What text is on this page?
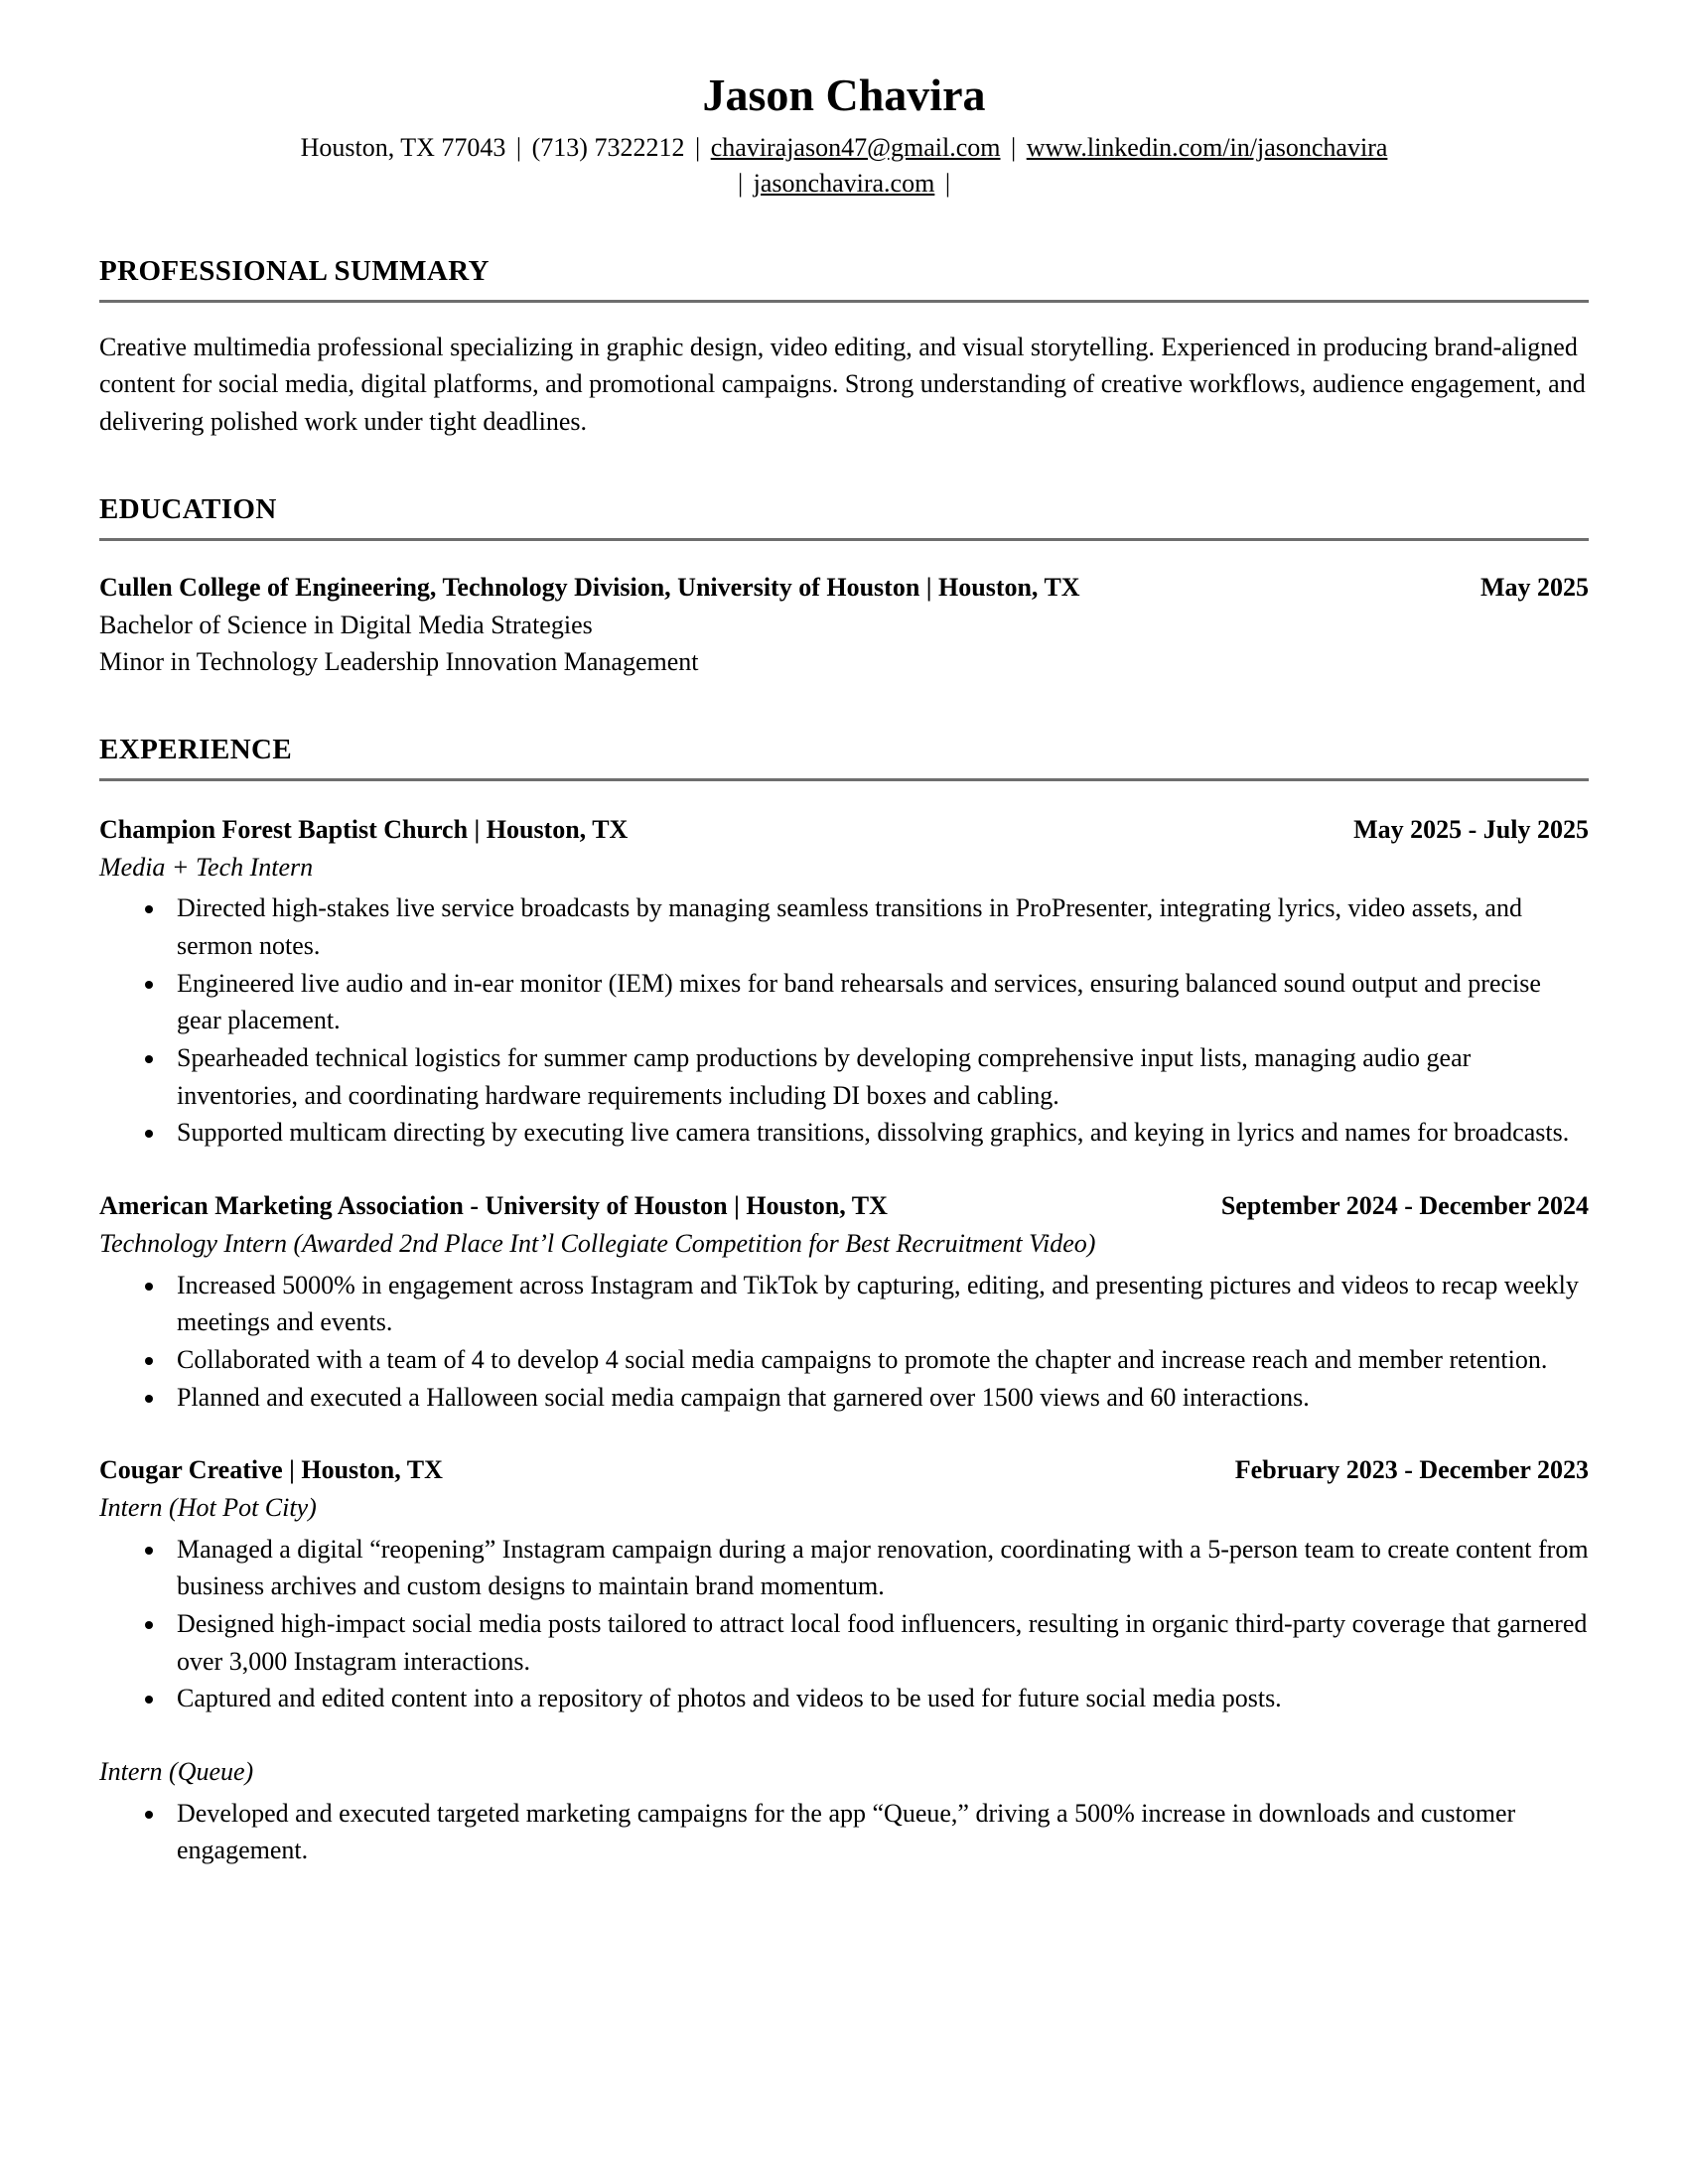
Jason Chavira
Houston, TX 77043 | (713) 7322212 | chavirajason47@gmail.com | www.linkedin.com/in/jasonchavira
| jasonchavira.com |
PROFESSIONAL SUMMARY

Creative multimedia professional specializing in graphic design, video editing, and visual storytelling. Experienced in producing brand-aligned content for social media, digital platforms, and promotional campaigns. Strong understanding of creative workflows, audience engagement, and delivering polished work under tight deadlines.

EDUCATION
Cullen College of Engineering, Technology Division, University of Houston | Houston, TX	May 2025
Bachelor of Science in Digital Media Strategies
Minor in Technology Leadership Innovation Management
EXPERIENCE
Champion Forest Baptist Church | Houston, TX	May 2025 - July 2025
Media + Tech Intern
• Directed high-stakes live service broadcasts by managing seamless transitions in ProPresenter, integrating lyrics, video assets, and sermon notes.
• Engineered live audio and in-ear monitor (IEM) mixes for band rehearsals and services, ensuring balanced sound output and precise gear placement.
• Spearheaded technical logistics for summer camp productions by developing comprehensive input lists, managing audio gear inventories, and coordinating hardware requirements including DI boxes and cabling.
• Supported multicam directing by executing live camera transitions, dissolving graphics, and keying in lyrics and names for broadcasts.
American Marketing Association - University of Houston | Houston, TX	September 2024 - December 2024
Technology Intern (Awarded 2nd Place Int’l Collegiate Competition for Best Recruitment Video)
• Increased 5000% in engagement across Instagram and TikTok by capturing, editing, and presenting pictures and videos to recap weekly meetings and events.
• Collaborated with a team of 4 to develop 4 social media campaigns to promote the chapter and increase reach and member retention.
• Planned and executed a Halloween social media campaign that garnered over 1500 views and 60 interactions.
Cougar Creative | Houston, TX	February 2023 - December 2023
Intern (Hot Pot City)
• Managed a digital “reopening” Instagram campaign during a major renovation, coordinating with a 5-person team to create content from business archives and custom designs to maintain brand momentum.
• Designed high-impact social media posts tailored to attract local food influencers, resulting in organic third-party coverage that garnered over 3,000 Instagram interactions.
• Captured and edited content into a repository of photos and videos to be used for future social media posts.
Intern (Queue)
• Developed and executed targeted marketing campaigns for the app “Queue,” driving a 500% increase in downloads and customer engagement.
